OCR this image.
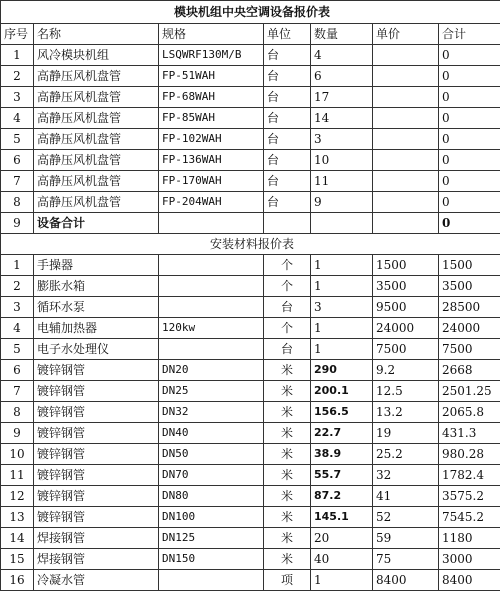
模块机组中央空调设备报价表						
序号	名称	规格	单位	数量	单价	合计
1	风冷模块机组	LSQWRF130M/B	台	4		0
2	高静压风机盘管	FP-51WAH	台	6		0
3	高静压风机盘管	FP-68WAH	台	17		0
4	高静压风机盘管	FP-85WAH	台	14		0
5	高静压风机盘管	FP-102WAH	台	3		0
6	高静压风机盘管	FP-136WAH	台	10		0
7	高静压风机盘管	FP-170WAH	台	11		0
8	高静压风机盘管	FP-204WAH	台	9		0
9	设备合计					0
安装材料报价表						
1	手操器		个	1	1500	1500
2	膨胀水箱		个	1	3500	3500
3	循环水泵		台	3	9500	28500
4	电辅加热器	120kw	个	1	24000	24000
5	电子水处理仪		台	1	7500	7500
6	镀锌钢管	DN20	米	290	9.2	2668
7	镀锌钢管	DN25	米	200.1	12.5	2501.25
8	镀锌钢管	DN32	米	156.5	13.2	2065.8
9	镀锌钢管	DN40	米	22.7	19	431.3
10	镀锌钢管	DN50	米	38.9	25.2	980.28
11	镀锌钢管	DN70	米	55.7	32	1782.4
12	镀锌钢管	DN80	米	87.2	41	3575.2
13	镀锌钢管	DN100	米	145.1	52	7545.2
14	焊接钢管	DN125	米	20	59	1180
15	焊接钢管	DN150	米	40	75	3000
16	冷凝水管		项	1	8400	8400
